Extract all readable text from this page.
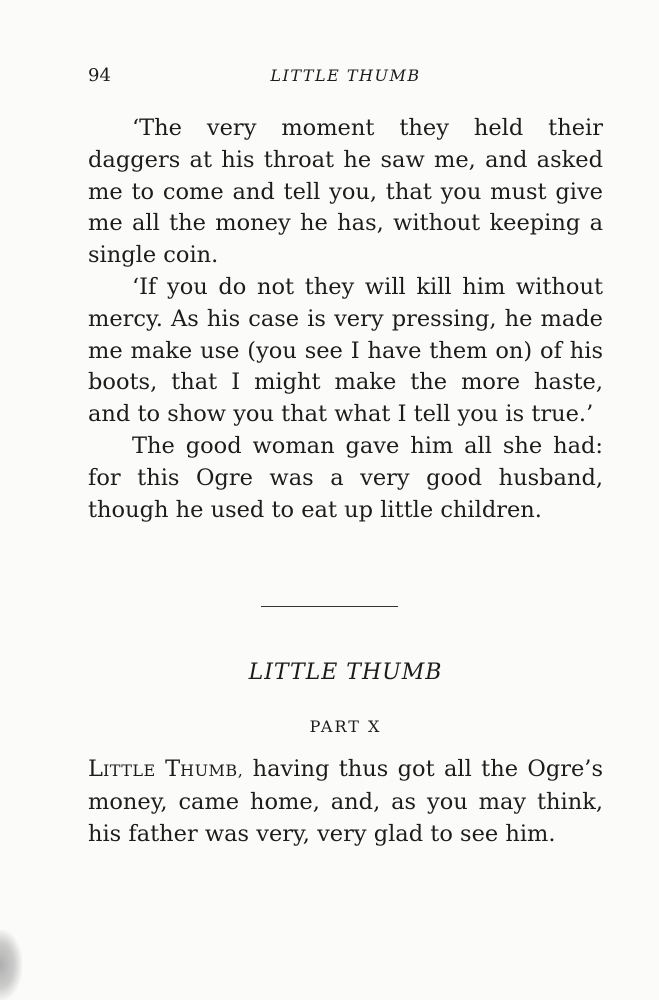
94	LITTLE THUMB

‘The very moment they held their daggers at his throat he saw me, and asked me to come and tell you, that you must give me all the money he has, without keeping a single coin.

‘If you do not they will kill him without mercy. As his case is very pressing, he made me make use (you see I have them on) of his boots, that I might make the more haste, and to show you that what I tell you is true.’

The good woman gave him all she had: for this Ogre was a very good husband, though he used to eat up little children.

LITTLE THUMB
PART X

LITTLE THUMB, having thus got all the Ogre’s money, came home, and, as you may think, his father was very, very glad to see him.
